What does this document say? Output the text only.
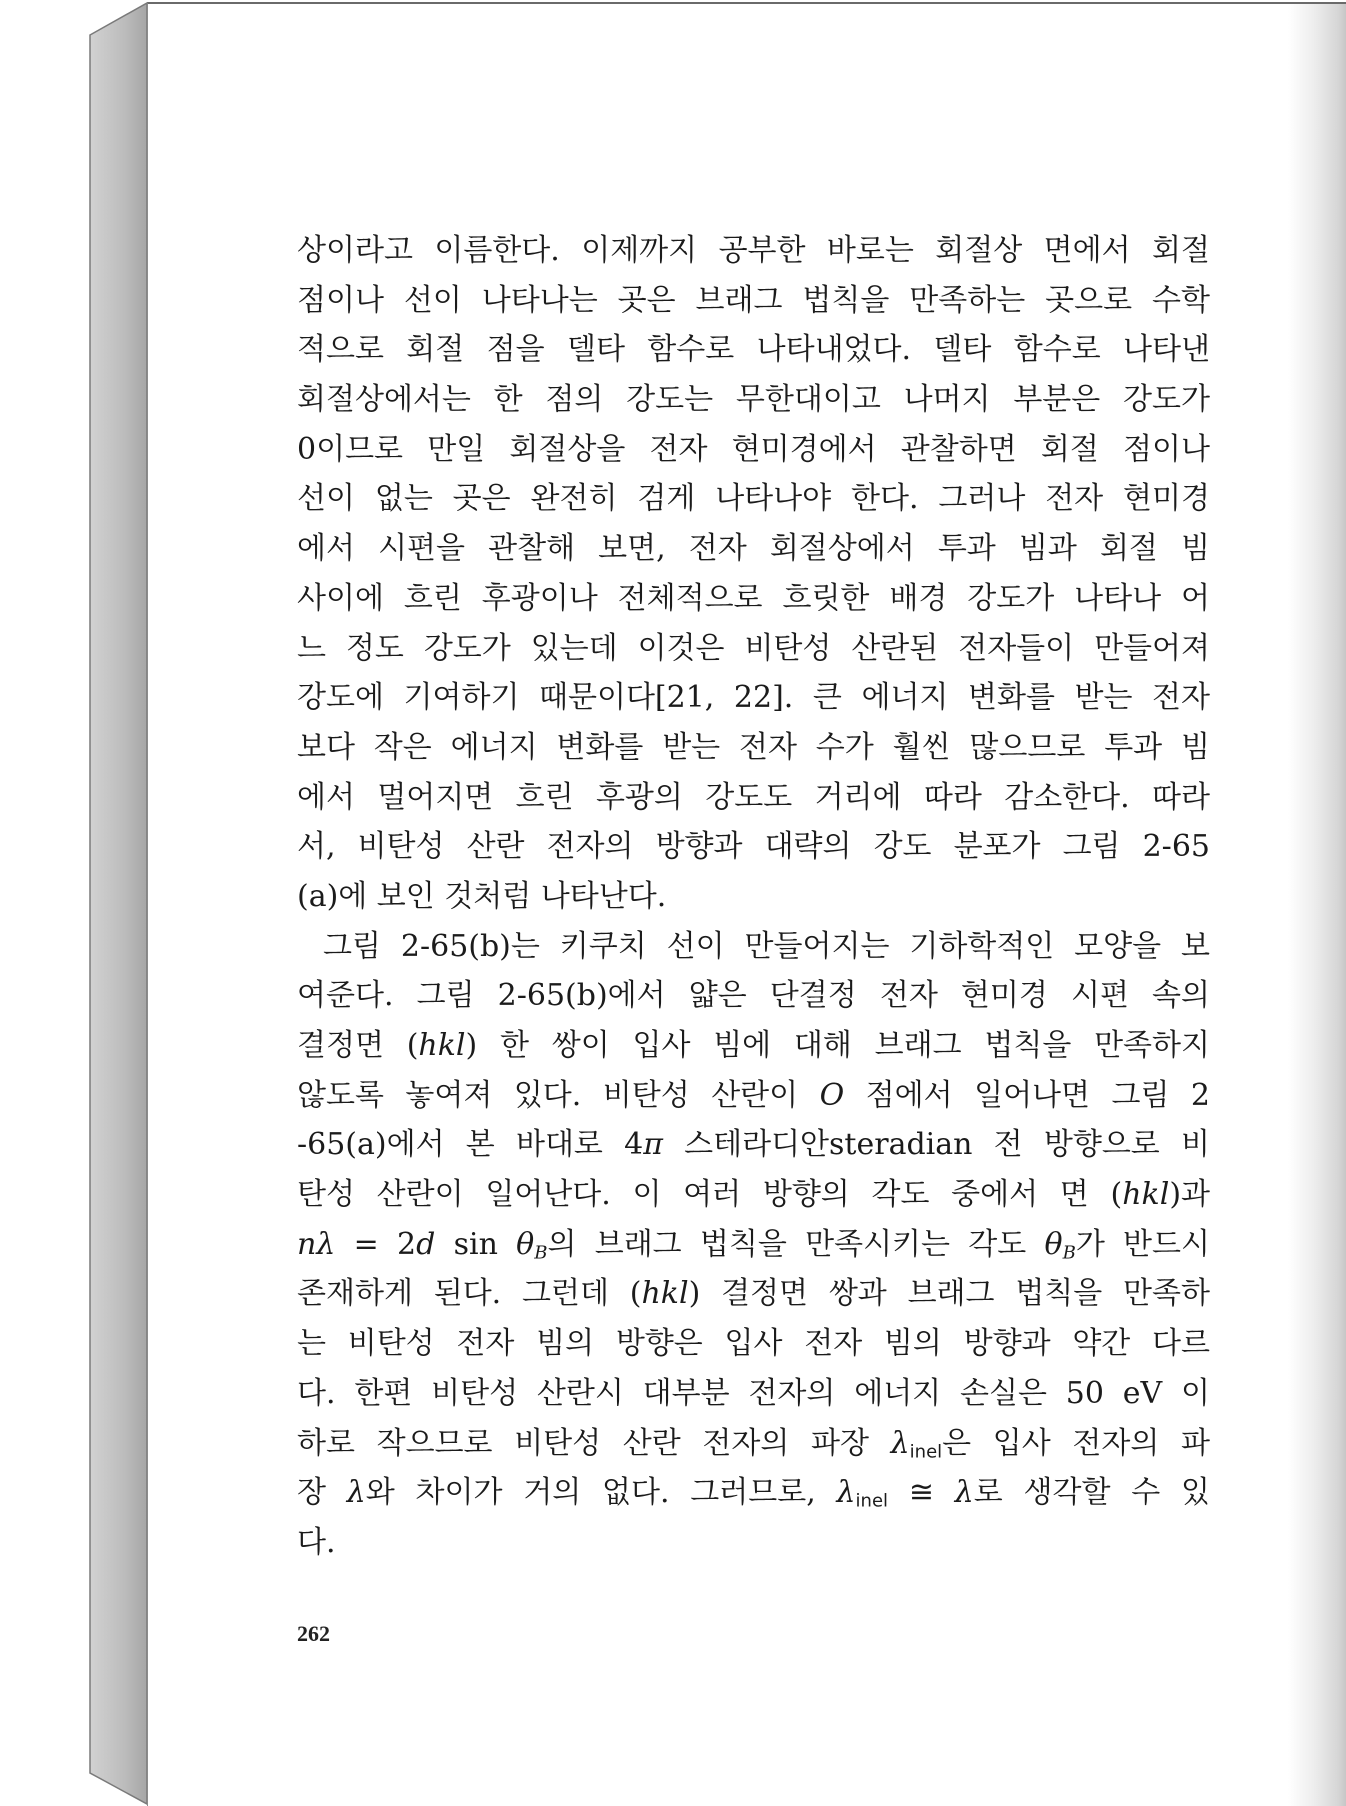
상이라고 이름한다. 이제까지 공부한 바로는 회절상 면에서 회절
점이나 선이 나타나는 곳은 브래그 법칙을 만족하는 곳으로 수학
적으로 회절 점을 델타 함수로 나타내었다. 델타 함수로 나타낸
회절상에서는 한 점의 강도는 무한대이고 나머지 부분은 강도가
0이므로 만일 회절상을 전자 현미경에서 관찰하면 회절 점이나
선이 없는 곳은 완전히 검게 나타나야 한다. 그러나 전자 현미경
에서 시편을 관찰해 보면, 전자 회절상에서 투과 빔과 회절 빔
사이에 흐린 후광이나 전체적으로 흐릿한 배경 강도가 나타나 어
느 정도 강도가 있는데 이것은 비탄성 산란된 전자들이 만들어져
강도에 기여하기 때문이다[21, 22]. 큰 에너지 변화를 받는 전자
보다 작은 에너지 변화를 받는 전자 수가 훨씬 많으므로 투과 빔
에서 멀어지면 흐린 후광의 강도도 거리에 따라 감소한다. 따라
서, 비탄성 산란 전자의 방향과 대략의 강도 분포가 그림 2-65
(a)에 보인 것처럼 나타난다.
그림 2-65(b)는 키쿠치 선이 만들어지는 기하학적인 모양을 보
여준다. 그림 2-65(b)에서 얇은 단결정 전자 현미경 시편 속의
결정면 (hkl) 한 쌍이 입사 빔에 대해 브래그 법칙을 만족하지
않도록 놓여져 있다. 비탄성 산란이 O 점에서 일어나면 그림 2
-65(a)에서 본 바대로 4π 스테라디안steradian 전 방향으로 비
탄성 산란이 일어난다. 이 여러 방향의 각도 중에서 면 (hkl)과
nλ = 2d sin θB의 브래그 법칙을 만족시키는 각도 θB가 반드시
존재하게 된다. 그런데 (hkl) 결정면 쌍과 브래그 법칙을 만족하
는 비탄성 전자 빔의 방향은 입사 전자 빔의 방향과 약간 다르
다. 한편 비탄성 산란시 대부분 전자의 에너지 손실은 50 eV 이
하로 작으므로 비탄성 산란 전자의 파장 $\lambda_{inel}$은 입사 전자의 파
장 λ와 차이가 거의 없다. 그러므로, $\lambda_{inel}$ ≅ λ로 생각할 수 있
다.
262
